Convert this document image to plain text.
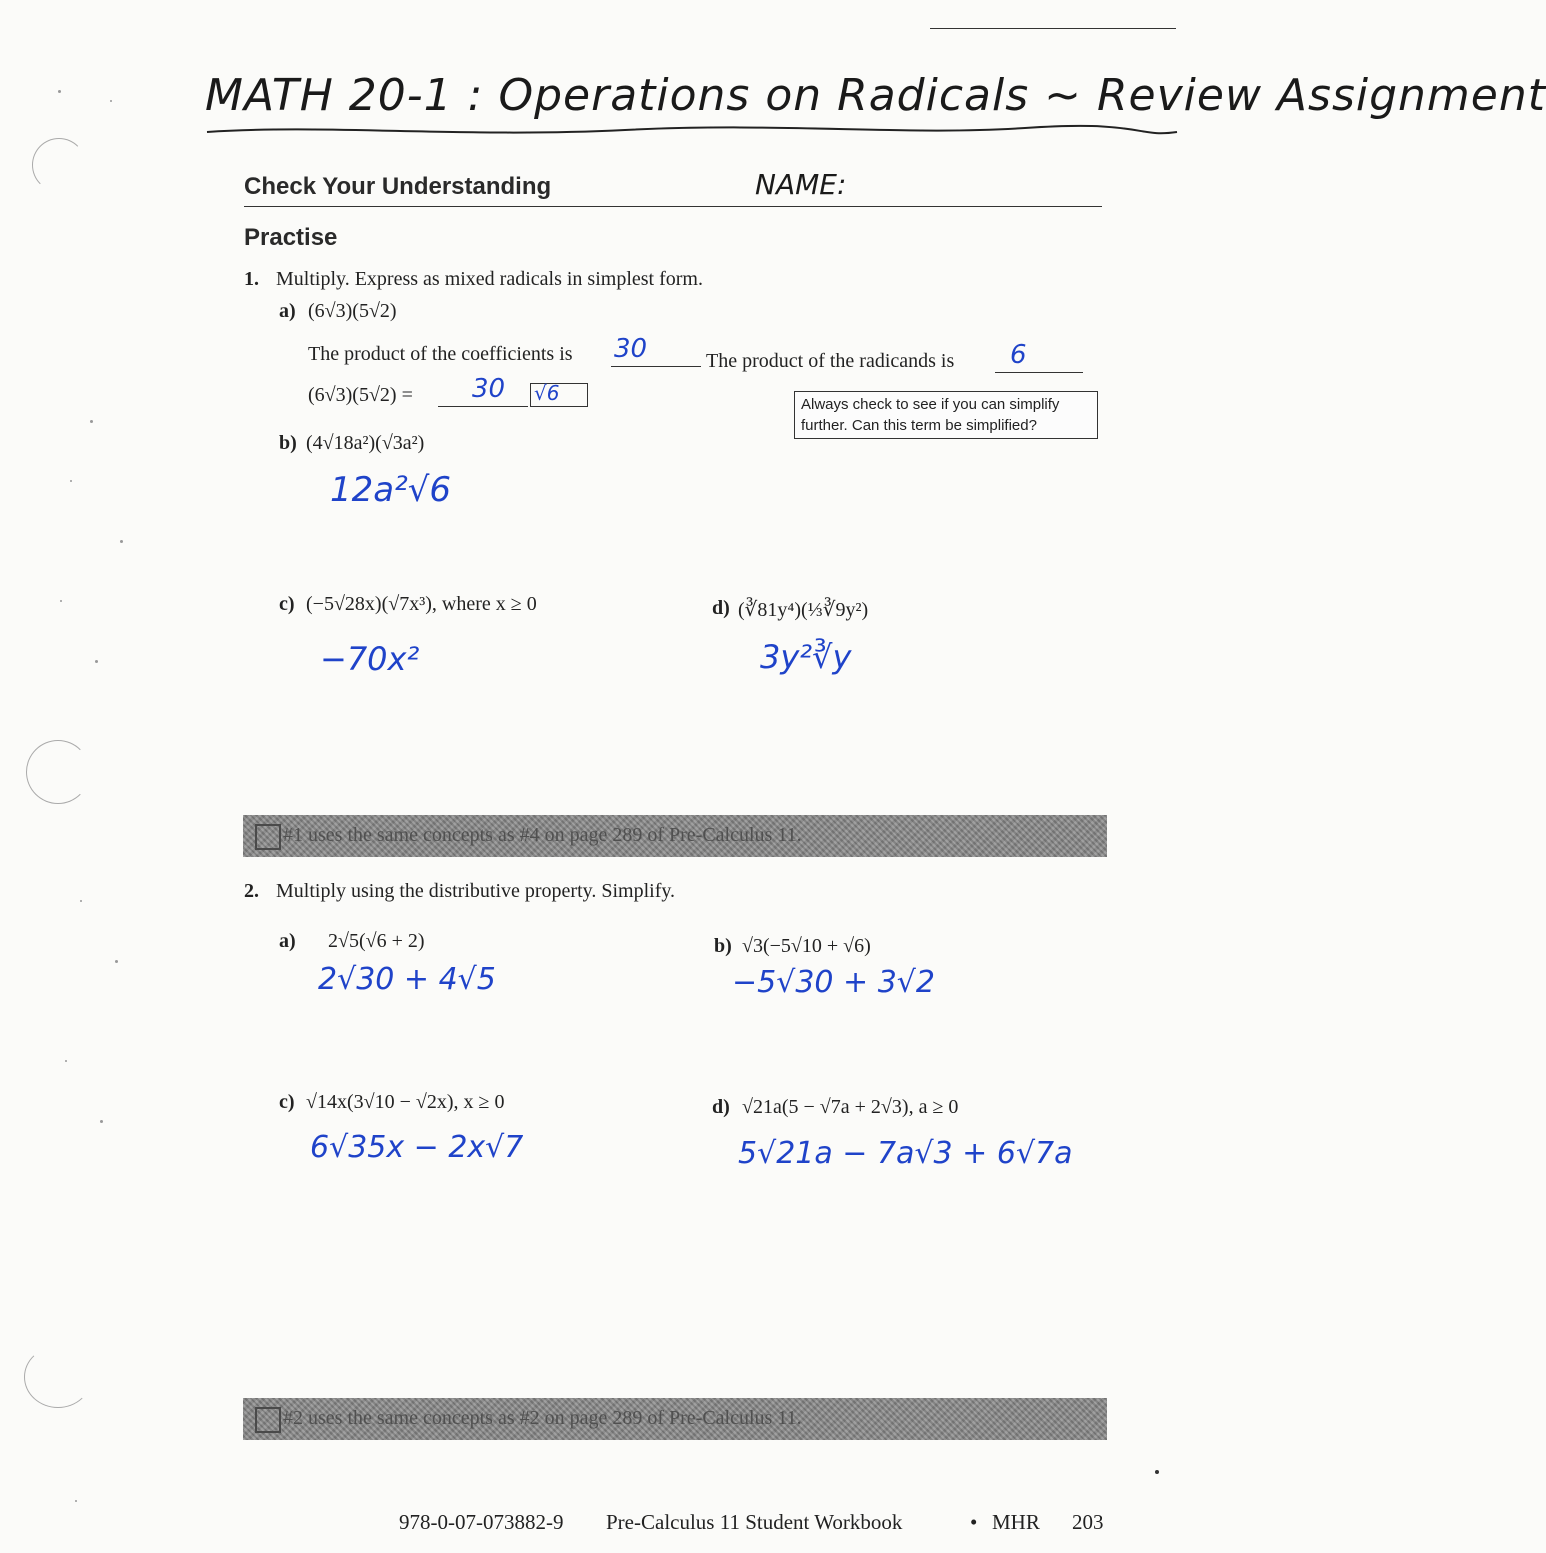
MATH 20-1 : Operations on Radicals ~ Review Assignment
Check Your Understanding	NAME:
Practise
1. Multiply. Express as mixed radicals in simplest form.
a) (6√3)(5√2)
The product of the coefficients is 30	The product of the radicands is 6
(6√3)(5√2) = 30 √6	Always check to see if you can simplify further. Can this term be simplified?
b) (4√18a²)(√3a²)
12a²√6
c) (−5√28x)(√7x³), where x ≥ 0
−70x²
d) (∛81y⁴)(⅓∛9y²)
3y²∛y
#1 uses the same concepts as #4 on page 289 of Pre-Calculus 11.
2. Multiply using the distributive property. Simplify.
a) 2√5(√6 + 2)
2√30 + 4√5
b) √3(−5√10 + √6)
−5√30 + 3√2
c) √14x(3√10 − √2x), x ≥ 0
6√35x − 2x√7
d) √21a(5 − √7a + 2√3), a ≥ 0
5√21a − 7a√3 + 6√7a
#2 uses the same concepts as #2 on page 289 of Pre-Calculus 11.
978-0-07-073882-9 Pre-Calculus 11 Student Workbook	• MHR 203
